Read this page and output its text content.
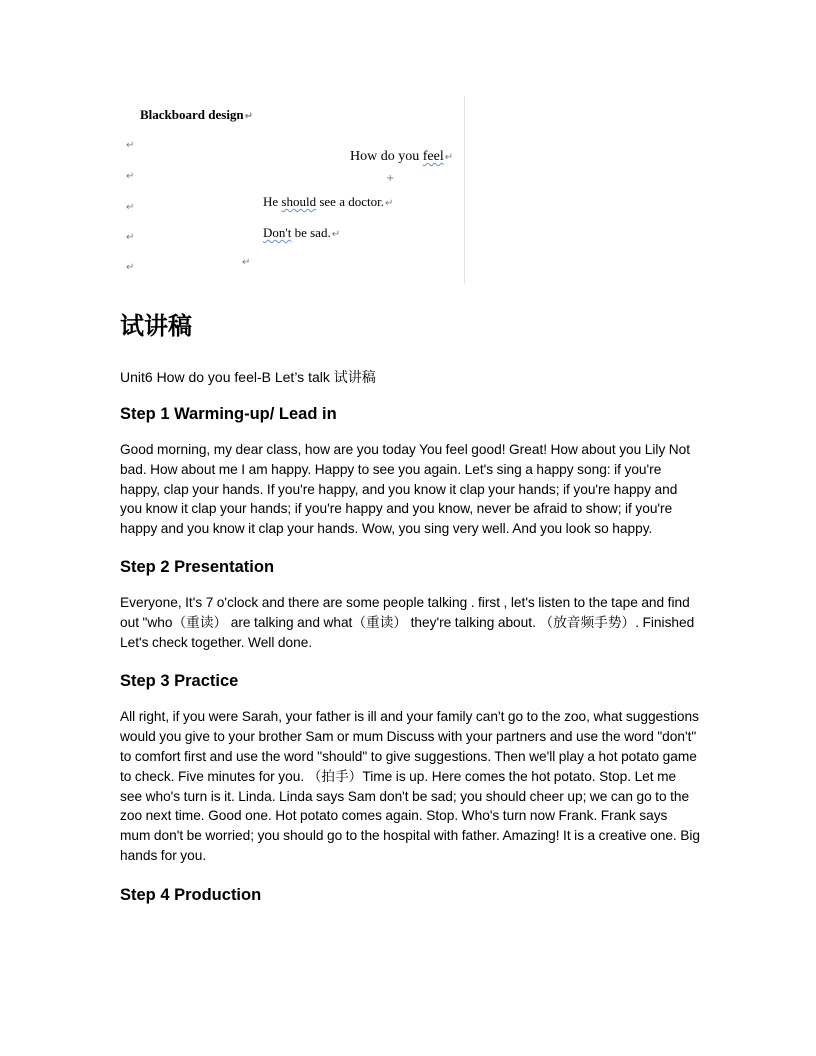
Blackboard design↵
How do you feel↵
He should see a doctor.↵
Don't be sad.↵
↵
↵
↵
↵
↵	↵
+
试讲稿

Unit6 How do you feel-B Let’s talk 试讲稿

Step 1 Warming-up/ Lead in

Good morning, my dear class, how are you today You feel good! Great! How about you Lily Not bad. How about me I am happy. Happy to see you again. Let's sing a happy song: if you're happy, clap your hands. If you're happy, and you know it clap your hands; if you're happy and you know it clap your hands; if you're happy and you know, never be afraid to show; if you're happy and you know it clap your hands. Wow, you sing very well. And you look so happy.

Step 2 Presentation

Everyone, It's 7 o'clock and there are some people talking . first , let's listen to the tape and find out "who（重读） are talking and what（重读） they're talking about. （放音频手势）. Finished Let's check together. Well done.

Step 3 Practice

All right, if you were Sarah, your father is ill and your family can't go to the zoo, what suggestions would you give to your brother Sam or mum Discuss with your partners and use the word "don't" to comfort first and use the word "should" to give suggestions. Then we'll play a hot potato game to check. Five minutes for you. （拍手）Time is up. Here comes the hot potato. Stop. Let me see who's turn is it. Linda. Linda says Sam don't be sad; you should cheer up; we can go to the zoo next time. Good one. Hot potato comes again. Stop. Who's turn now Frank. Frank says mum don't be worried; you should go to the hospital with father. Amazing! It is a creative one. Big hands for you.

Step 4 Production
